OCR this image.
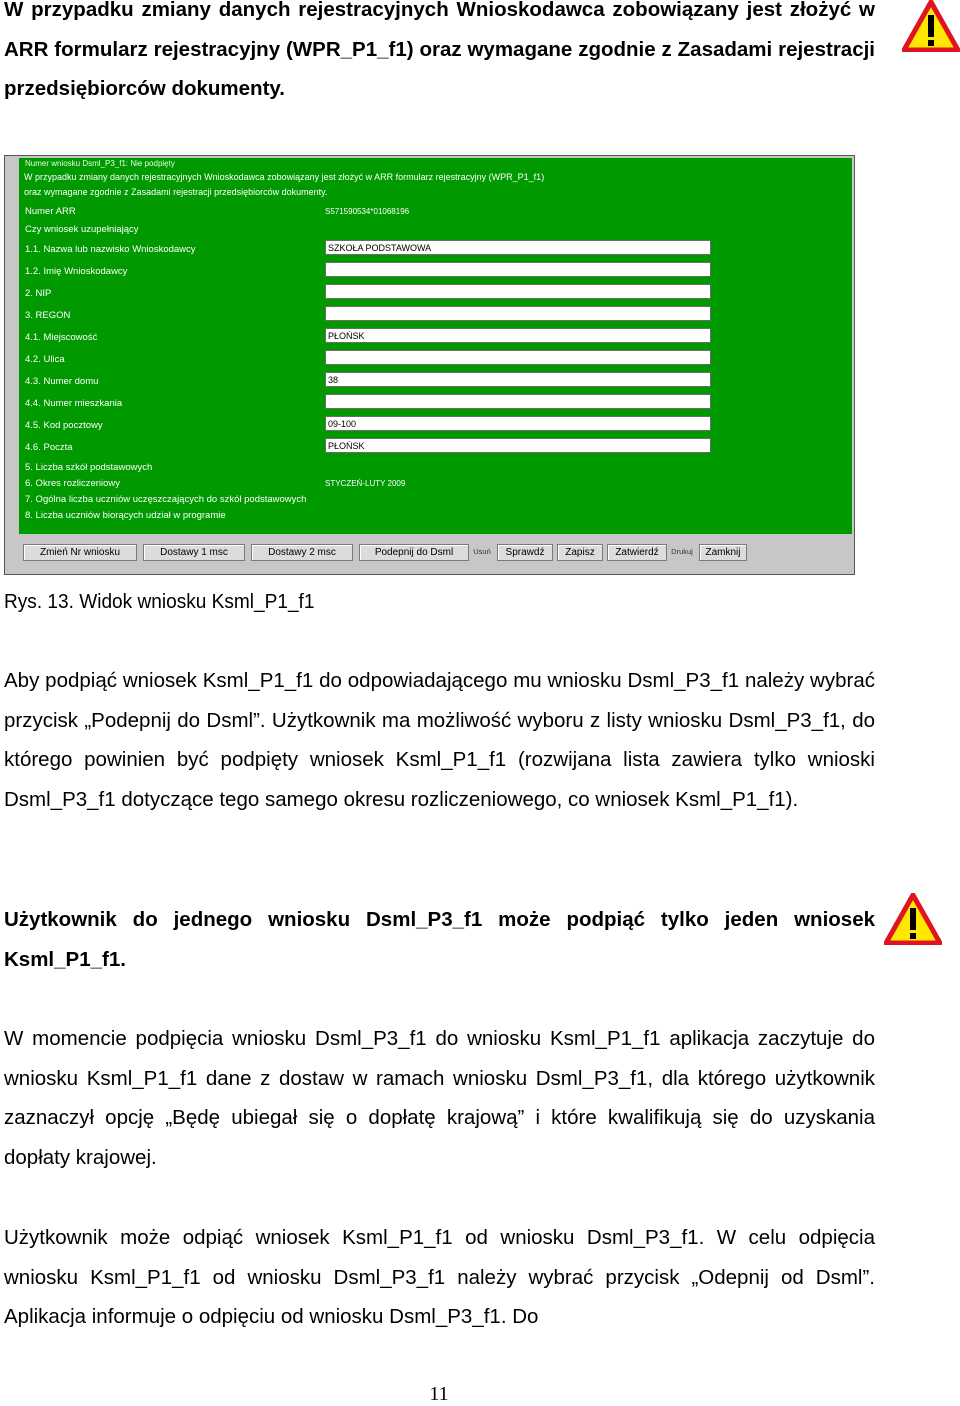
W przypadku zmiany danych rejestracyjnych Wnioskodawca zobowiązany jest złożyć w ARR formularz rejestracyjny (WPR_P1_f1) oraz wymagane zgodnie z Zasadami rejestracji przedsiębiorców dokumenty.
Numer wniosku Dsml_P3_f1: Nie podpięty
W przypadku zmiany danych rejestracyjnych Wnioskodawca zobowiązany jest złożyć w ARR formularz rejestracyjny (WPR_P1_f1)
oraz wymagane zgodnie z Zasadami rejestracji przedsiębiorców dokumenty.
Numer ARR	S571590534*01068196
Czy wniosek uzupełniający
1.1. Nazwa lub nazwisko Wnioskodawcy	SZKOŁA PODSTAWOWA
1.2. Imię Wnioskodawcy
2. NIP
3. REGON
4.1. Miejscowość	PŁOŃSK
4.2. Ulica
4.3. Numer domu	38
4.4. Numer mieszkania
4.5. Kod pocztowy	09-100
4.6. Poczta	PŁOŃSK
5. Liczba szkół podstawowych
6. Okres rozliczeniowy	STYCZEŃ-LUTY 2009
7. Ogólna liczba uczniów uczęszczających do szkół podstawowych
8. Liczba uczniów biorących udział w programie
Zmień Nr wniosku	Dostawy 1 msc	Dostawy 2 msc	Podepnij do Dsml	Usuń	Sprawdź	Zapisz	Zatwierdź	Drukuj	Zamknij
Rys. 13. Widok wniosku Ksml_P1_f1
Aby podpiąć wniosek Ksml_P1_f1 do odpowiadającego mu wniosku Dsml_P3_f1 należy wybrać przycisk „Podepnij do Dsml”. Użytkownik ma możliwość wyboru z listy wniosku Dsml_P3_f1, do którego powinien być podpięty wniosek Ksml_P1_f1 (rozwijana lista zawiera tylko wnioski Dsml_P3_f1 dotyczące tego samego okresu rozliczeniowego, co wniosek Ksml_P1_f1).
Użytkownik do jednego wniosku Dsml_P3_f1 może podpiąć tylko jeden wniosek Ksml_P1_f1.
W momencie podpięcia wniosku Dsml_P3_f1 do wniosku Ksml_P1_f1 aplikacja zaczytuje do wniosku Ksml_P1_f1 dane z dostaw w ramach wniosku Dsml_P3_f1, dla którego użytkownik zaznaczył opcję „Będę ubiegał się o dopłatę krajową” i które kwalifikują się do uzyskania dopłaty krajowej.
Użytkownik może odpiąć wniosek Ksml_P1_f1 od wniosku Dsml_P3_f1. W celu odpięcia wniosku Ksml_P1_f1 od wniosku Dsml_P3_f1 należy wybrać przycisk „Odepnij od Dsml”. Aplikacja informuje o odpięciu od wniosku Dsml_P3_f1. Do
11
